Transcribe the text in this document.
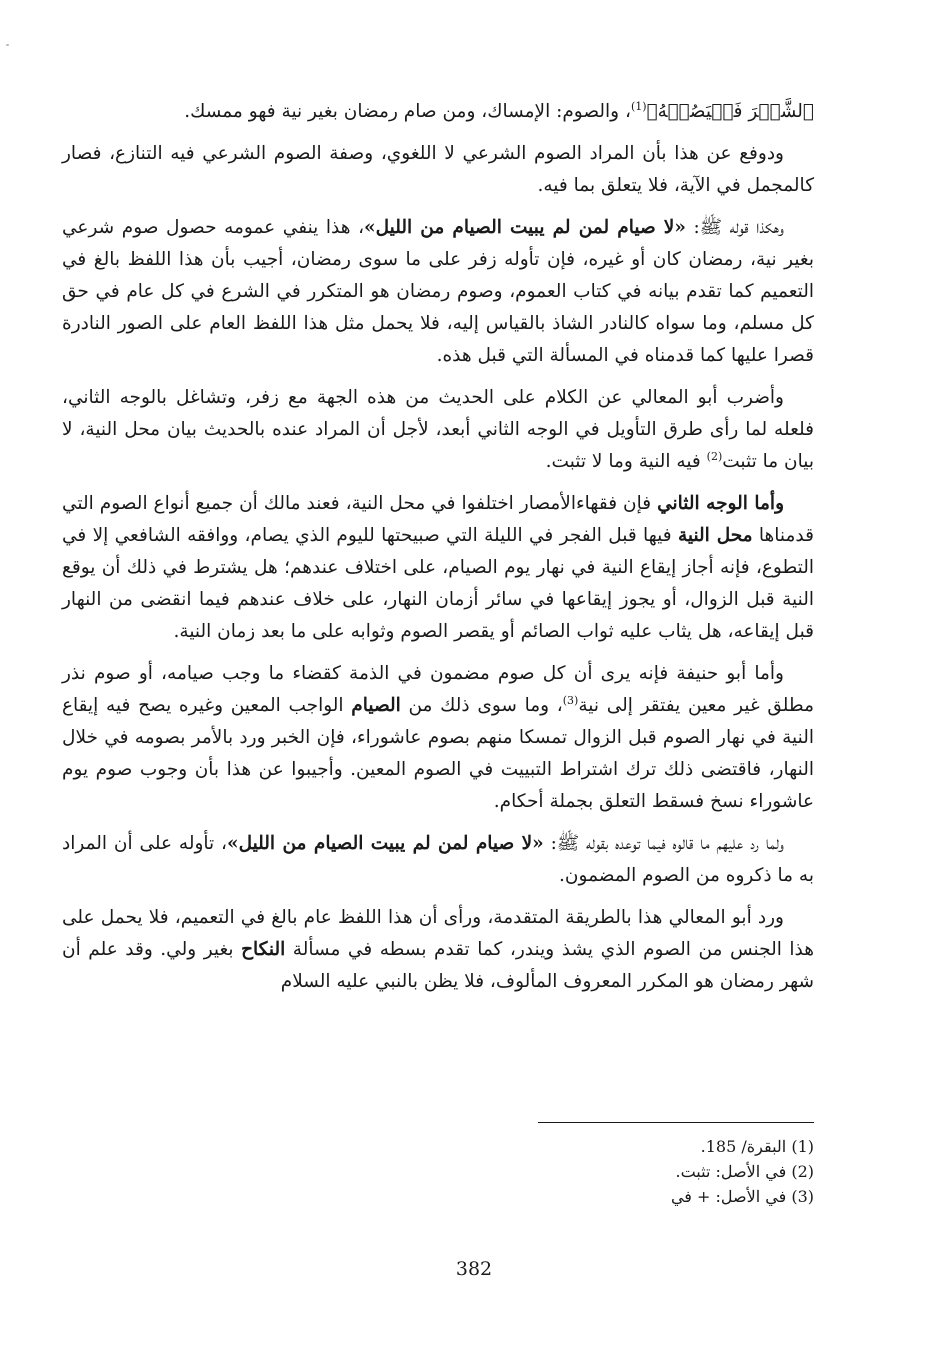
ٱلشَّهۡرَ فَلۡيَصُمۡهُ﴾$^{(1)}$، والصوم: الإمساك، ومن صام رمضان بغير نية فهو ممسك.

ودوفع عن هذا بأن المراد الصوم الشرعي لا اللغوي، وصفة الصوم الشرعي فيه التنازع، فصار كالمجمل في الآية، فلا يتعلق بما فيه.

وهكذا قوله ﷺ: «لا صيام لمن لم يبيت الصيام من الليل»، هذا ينفي عمومه حصول صوم شرعي بغير نية، رمضان كان أو غيره، فإن تأوله زفر على ما سوى رمضان، أجيب بأن هذا اللفظ بالغ في التعميم كما تقدم بيانه في كتاب العموم، وصوم رمضان هو المتكرر في الشرع في كل عام في حق كل مسلم، وما سواه كالنادر الشاذ بالقياس إليه، فلا يحمل مثل هذا اللفظ العام على الصور النادرة قصرا عليها كما قدمناه في المسألة التي قبل هذه.

وأضرب أبو المعالي عن الكلام على الحديث من هذه الجهة مع زفر، وتشاغل بالوجه الثاني، فلعله لما رأى طرق التأويل في الوجه الثاني أبعد، لأجل أن المراد عنده بالحديث بيان محل النية، لا بيان ما تثبت$^{(2)}$ فيه النية وما لا تثبت.

وأما الوجه الثاني فإن فقهاءالأمصار اختلفوا في محل النية، فعند مالك أن جميع أنواع الصوم التي قدمناها محل النية فيها قبل الفجر في الليلة التي صبيحتها لليوم الذي يصام، ووافقه الشافعي إلا في التطوع، فإنه أجاز إيقاع النية في نهار يوم الصيام، على اختلاف عندهم؛ هل يشترط في ذلك أن يوقع النية قبل الزوال، أو يجوز إيقاعها في سائر أزمان النهار، على خلاف عندهم فيما انقضى من النهار قبل إيقاعه، هل يثاب عليه ثواب الصائم أو يقصر الصوم وثوابه على ما بعد زمان النية.

وأما أبو حنيفة فإنه يرى أن كل صوم مضمون في الذمة كقضاء ما وجب صيامه، أو صوم نذر مطلق غير معين يفتقر إلى نية$^{(3)}$، وما سوى ذلك من الصيام الواجب المعين وغيره يصح فيه إيقاع النية في نهار الصوم قبل الزوال تمسكا منهم بصوم عاشوراء، فإن الخبر ورد بالأمر بصومه في خلال النهار، فاقتضى ذلك ترك اشتراط التبييت في الصوم المعين. وأجيبوا عن هذا بأن وجوب صوم يوم عاشوراء نسخ فسقط التعلق بجملة أحكام.

ولما رد عليهم ما قالوه فيما توعده بقوله ﷺ: «لا صيام لمن لم يبيت الصيام من الليل»، تأوله على أن المراد به ما ذكروه من الصوم المضمون.

ورد أبو المعالي هذا بالطريقة المتقدمة، ورأى أن هذا اللفظ عام بالغ في التعميم، فلا يحمل على هذا الجنس من الصوم الذي يشذ ويندر، كما تقدم بسطه في مسألة النكاح بغير ولي. وقد علم أن شهر رمضان هو المكرر المعروف المألوف، فلا يظن بالنبي عليه السلام

(1) البقرة/ 185.

(2) في الأصل: تثبت.

(3) في الأصل: + في

382
